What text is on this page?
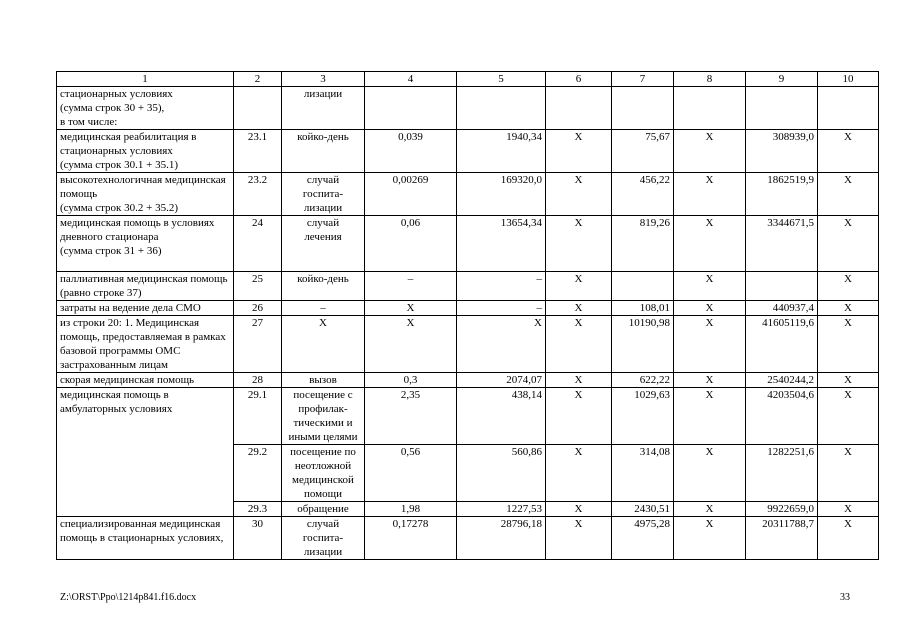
1	2	3	4	5	6	7	8	9	10
стационарных условиях
(сумма строк 30 + 35),
в том числе:		лизации							
медицинская реабилитация в стационарных условиях
(сумма строк 30.1 + 35.1)	23.1	койко-день	0,039	1940,34	X	75,67	X	308939,0	X
высокотехнологичная медицинская помощь
(сумма строк 30.2 + 35.2)	23.2	случай
госпита-
лизации	0,00269	169320,0	X	456,22	X	1862519,9	X
медицинская помощь в условиях дневного стационара
(сумма строк 31 + 36)	24	случай
лечения	0,06	13654,34	X	819,26	X	3344671,5	X
паллиативная медицинская помощь (равно строке 37)	25	койко-день	–	–	X		X		X
затраты на ведение дела СМО	26	–	X	–	X	108,01	X	440937,4	X
из строки 20: 1. Медицинская помощь, предоставляемая в рамках базовой программы ОМС застрахованным лицам	27	X	X	X	X	10190,98	X	41605119,6	X
скорая медицинская помощь	28	вызов	0,3	2074,07	X	622,22	X	2540244,2	X
медицинская помощь в амбулаторных условиях	29.1	посещение с профилак-
тическими и
иными целями	2,35	438,14	X	1029,63	X	4203504,6	X
	29.2	посещение по неотложной медицинской помощи	0,56	560,86	X	314,08	X	1282251,6	X
	29.3	обращение	1,98	1227,53	X	2430,51	X	9922659,0	X
специализированная медицинская помощь в стационарных условиях,	30	случай
госпита-
лизации	0,17278	28796,18	X	4975,28	X	20311788,7	X
Z:\ORST\Ppo\1214p841.f16.docx	33
